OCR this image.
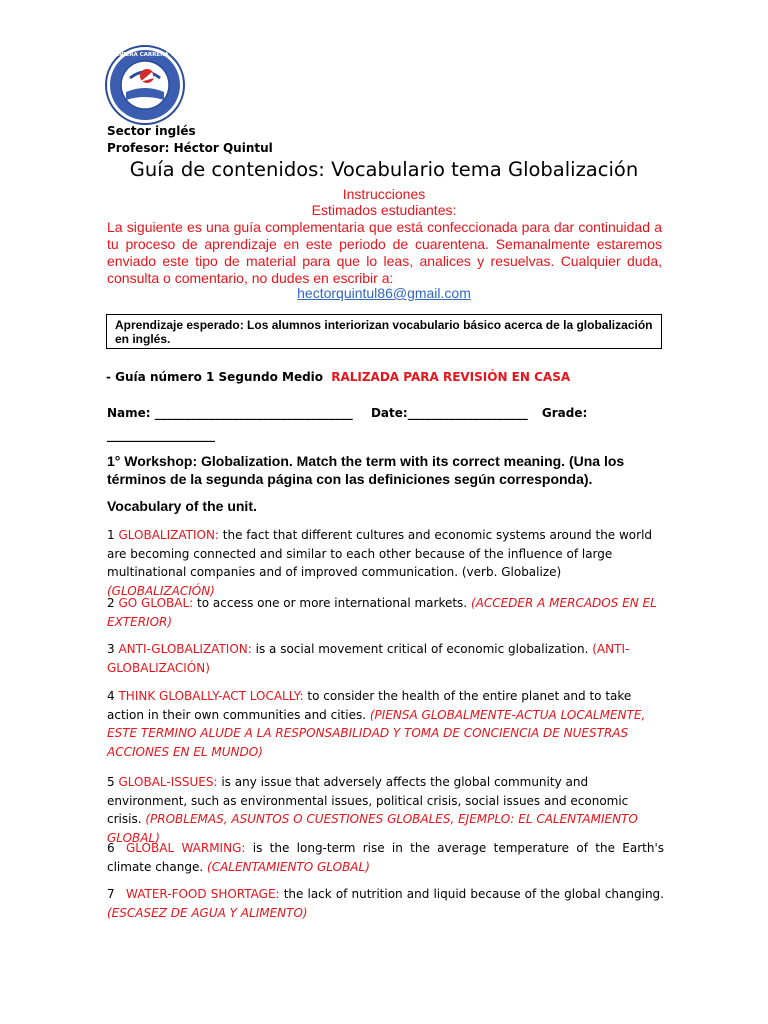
LICEO JAVIERA CARRERA TEMUCO
Sector inglés
Profesor: Héctor Quintul
Guía de contenidos: Vocabulario tema Globalización
Instrucciones
Estimados estudiantes:
La siguiente es una guía complementaria que está confeccionada para dar continuidad a tu proceso de aprendizaje en este periodo de cuarentena. Semanalmente estaremos enviado este tipo de material para que lo leas, analices y resuelvas. Cualquier duda, consulta o comentario, no dudes en escribir a:
hectorquintul86@gmail.com
Aprendizaje esperado: Los alumnos interiorizan vocabulario básico acerca de la globalización en inglés.
- Guía número 1 Segundo Medio RALIZADA PARA REVISIÓN EN CASA
Name: _________________________________ Date:____________________ Grade:
__________________
1° Workshop: Globalization. Match the term with its correct meaning. (Una los términos de la segunda página con las definiciones según corresponda).
Vocabulary of the unit.
1 GLOBALIZATION: the fact that different cultures and economic systems around the world are becoming connected and similar to each other because of the influence of large multinational companies and of improved communication. (verb. Globalize) (GLOBALIZACIÓN)
2 GO GLOBAL: to access one or more international markets. (ACCEDER A MERCADOS EN EL EXTERIOR)
3 ANTI-GLOBALIZATION: is a social movement critical of economic globalization. (ANTI-GLOBALIZACIÓN)
4 THINK GLOBALLY-ACT LOCALLY: to consider the health of the entire planet and to take action in their own communities and cities. (PIENSA GLOBALMENTE-ACTUA LOCALMENTE, ESTE TERMINO ALUDE A LA RESPONSABILIDAD Y TOMA DE CONCIENCIA DE NUESTRAS ACCIONES EN EL MUNDO)
5 GLOBAL-ISSUES: is any issue that adversely affects the global community and environment, such as environmental issues, political crisis, social issues and economic crisis. (PROBLEMAS, ASUNTOS O CUESTIONES GLOBALES, EJEMPLO: EL CALENTAMIENTO GLOBAL)
6 GLOBAL WARMING: is the long-term rise in the average temperature of the Earth's climate change. (CALENTAMIENTO GLOBAL)
7 WATER-FOOD SHORTAGE: the lack of nutrition and liquid because of the global changing. (ESCASEZ DE AGUA Y ALIMENTO)
